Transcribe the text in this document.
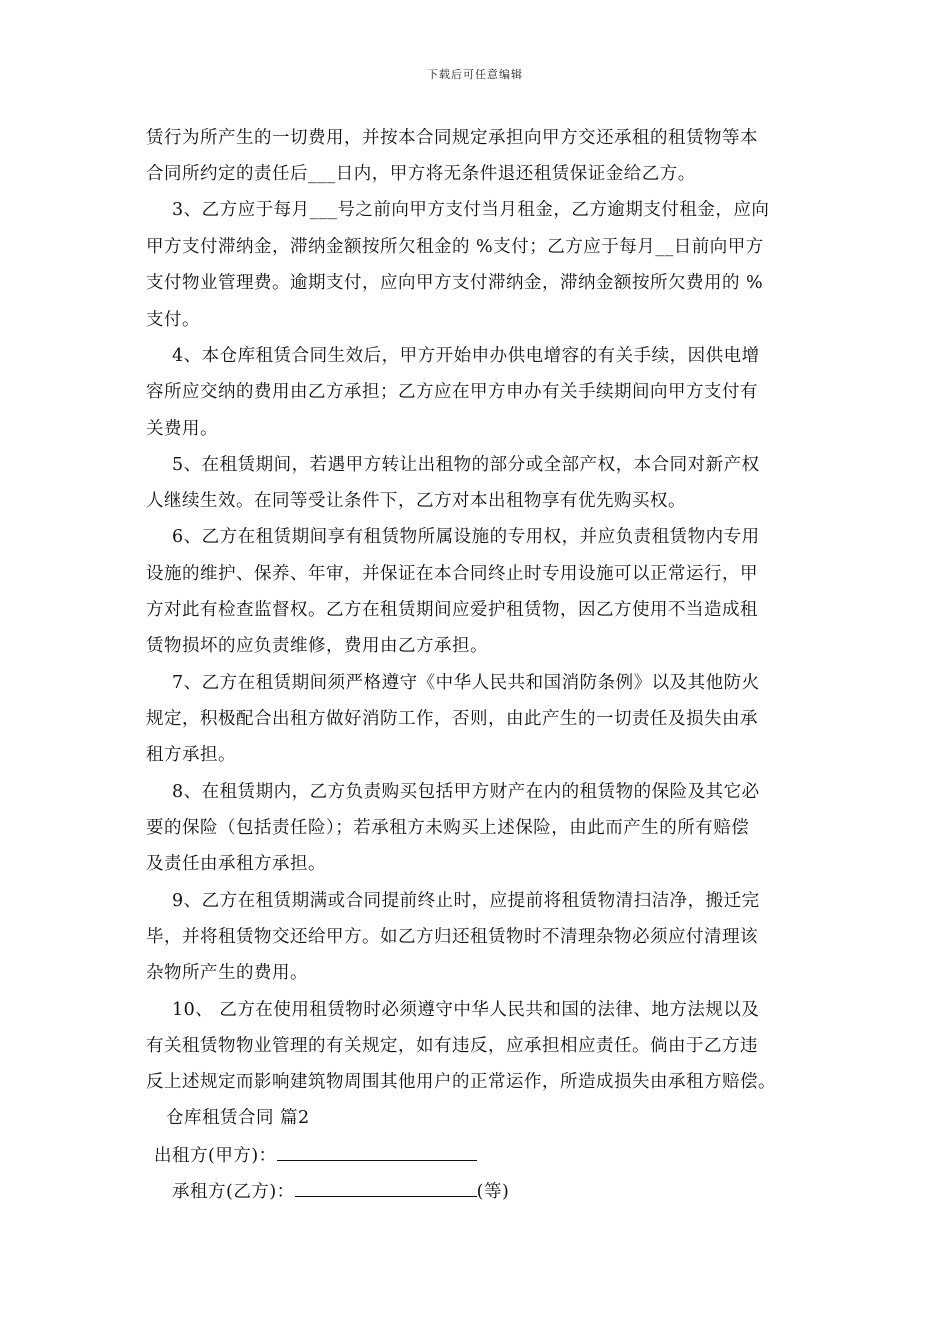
下载后可任意编辑
赁行为所产生的一切费用，并按本合同规定承担向甲方交还承租的租赁物等本
合同所约定的责任后___日内，甲方将无条件退还租赁保证金给乙方。
3、乙方应于每月___号之前向甲方支付当月租金，乙方逾期支付租金，应向
甲方支付滞纳金，滞纳金额按所欠租金的 %支付；乙方应于每月__日前向甲方
支付物业管理费。逾期支付，应向甲方支付滞纳金，滞纳金额按所欠费用的 %
支付。
4、本仓库租赁合同生效后，甲方开始申办供电增容的有关手续，因供电增
容所应交纳的费用由乙方承担；乙方应在甲方申办有关手续期间向甲方支付有
关费用。
5、在租赁期间，若遇甲方转让出租物的部分或全部产权，本合同对新产权
人继续生效。在同等受让条件下，乙方对本出租物享有优先购买权。
6、乙方在租赁期间享有租赁物所属设施的专用权，并应负责租赁物内专用
设施的维护、保养、年审，并保证在本合同终止时专用设施可以正常运行，甲
方对此有检查监督权。乙方在租赁期间应爱护租赁物，因乙方使用不当造成租
赁物损坏的应负责维修，费用由乙方承担。
7、乙方在租赁期间须严格遵守《中华人民共和国消防条例》以及其他防火
规定，积极配合出租方做好消防工作，否则，由此产生的一切责任及损失由承
租方承担。
8、在租赁期内，乙方负责购买包括甲方财产在内的租赁物的保险及其它必
要的保险（包括责任险）；若承租方未购买上述保险，由此而产生的所有赔偿
及责任由承租方承担。
9、乙方在租赁期满或合同提前终止时，应提前将租赁物清扫洁净，搬迁完
毕，并将租赁物交还给甲方。如乙方归还租赁物时不清理杂物必须应付清理该
杂物所产生的费用。
10、 乙方在使用租赁物时必须遵守中华人民共和国的法律、地方法规以及
有关租赁物物业管理的有关规定，如有违反，应承担相应责任。倘由于乙方违
反上述规定而影响建筑物周围其他用户的正常运作，所造成损失由承租方赔偿。
仓库租赁合同 篇2
出租方(甲方)：
承租方(乙方)：	(等)
